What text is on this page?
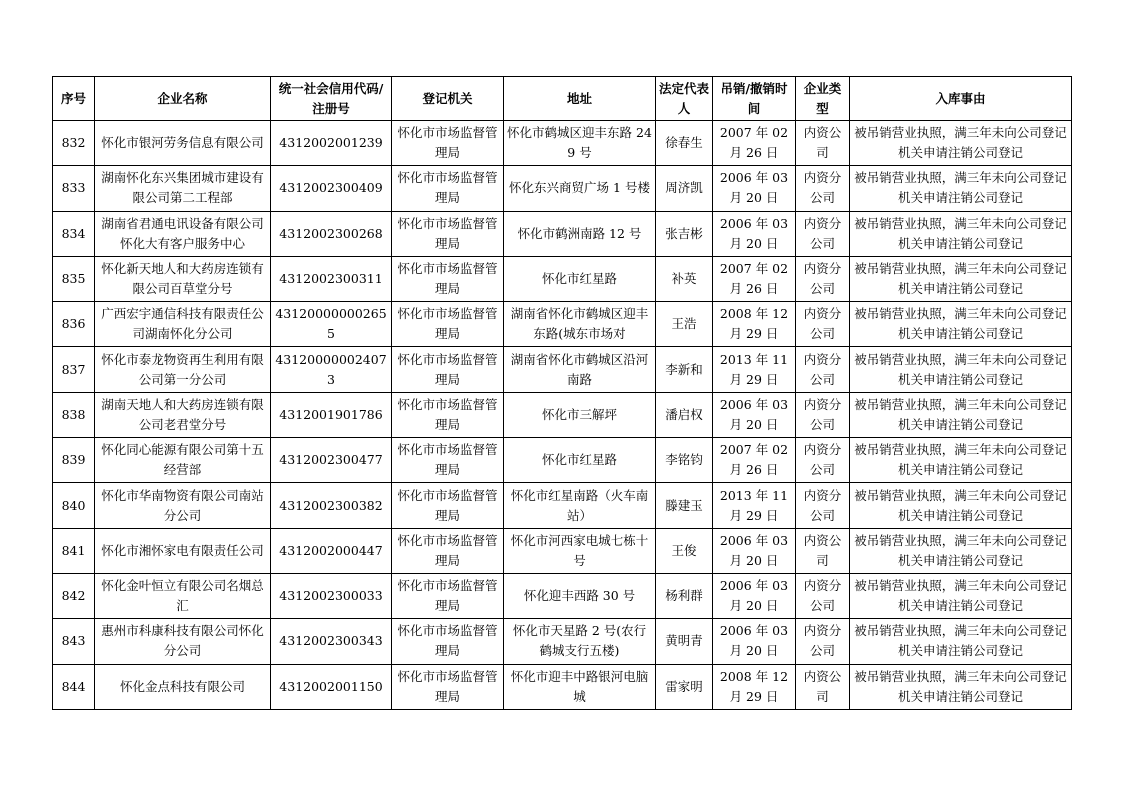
序号	企业名称	统一社会信用代码/注册号	登记机关	地址	法定代表人	吊销/撤销时间	企业类型	入库事由
832	怀化市银河劳务信息有限公司	4312002001239	怀化市市场监督管理局	怀化市鹤城区迎丰东路 249 号	徐春生	2007 年 02 月 26 日	内资公司	被吊销营业执照，满三年未向公司登记机关申请注销公司登记
833	湖南怀化东兴集团城市建设有限公司第二工程部	4312002300409	怀化市市场监督管理局	怀化东兴商贸广场 1 号楼	周济凯	2006 年 03 月 20 日	内资分公司	被吊销营业执照，满三年未向公司登记机关申请注销公司登记
834	湖南省君通电讯设备有限公司怀化大有客户服务中心	4312002300268	怀化市市场监督管理局	怀化市鹤洲南路 12 号	张吉彬	2006 年 03 月 20 日	内资分公司	被吊销营业执照，满三年未向公司登记机关申请注销公司登记
835	怀化新天地人和大药房连锁有限公司百草堂分号	4312002300311	怀化市市场监督管理局	怀化市红星路	补英	2007 年 02 月 26 日	内资分公司	被吊销营业执照，满三年未向公司登记机关申请注销公司登记
836	广西宏宇通信科技有限责任公司湖南怀化分公司	431200000002655	怀化市市场监督管理局	湖南省怀化市鹤城区迎丰东路(城东市场对	王浩	2008 年 12 月 29 日	内资分公司	被吊销营业执照，满三年未向公司登记机关申请注销公司登记
837	怀化市泰龙物资再生利用有限公司第一分公司	431200000024073	怀化市市场监督管理局	湖南省怀化市鹤城区沿河南路	李新和	2013 年 11 月 29 日	内资分公司	被吊销营业执照，满三年未向公司登记机关申请注销公司登记
838	湖南天地人和大药房连锁有限公司老君堂分号	4312001901786	怀化市市场监督管理局	怀化市三解坪	潘启权	2006 年 03 月 20 日	内资分公司	被吊销营业执照，满三年未向公司登记机关申请注销公司登记
839	怀化同心能源有限公司第十五经营部	4312002300477	怀化市市场监督管理局	怀化市红星路	李铭钧	2007 年 02 月 26 日	内资分公司	被吊销营业执照，满三年未向公司登记机关申请注销公司登记
840	怀化市华南物资有限公司南站分公司	4312002300382	怀化市市场监督管理局	怀化市红星南路（火车南站）	滕建玉	2013 年 11 月 29 日	内资分公司	被吊销营业执照，满三年未向公司登记机关申请注销公司登记
841	怀化市湘怀家电有限责任公司	4312002000447	怀化市市场监督管理局	怀化市河西家电城七栋十号	王俊	2006 年 03 月 20 日	内资公司	被吊销营业执照，满三年未向公司登记机关申请注销公司登记
842	怀化金叶恒立有限公司名烟总汇	4312002300033	怀化市市场监督管理局	怀化迎丰西路 30 号	杨利群	2006 年 03 月 20 日	内资分公司	被吊销营业执照，满三年未向公司登记机关申请注销公司登记
843	惠州市科康科技有限公司怀化分公司	4312002300343	怀化市市场监督管理局	怀化市天星路 2 号(农行鹤城支行五楼)	黄明青	2006 年 03 月 20 日	内资分公司	被吊销营业执照，满三年未向公司登记机关申请注销公司登记
844	怀化金点科技有限公司	4312002001150	怀化市市场监督管理局	怀化市迎丰中路银河电脑城	雷家明	2008 年 12 月 29 日	内资公司	被吊销营业执照，满三年未向公司登记机关申请注销公司登记
